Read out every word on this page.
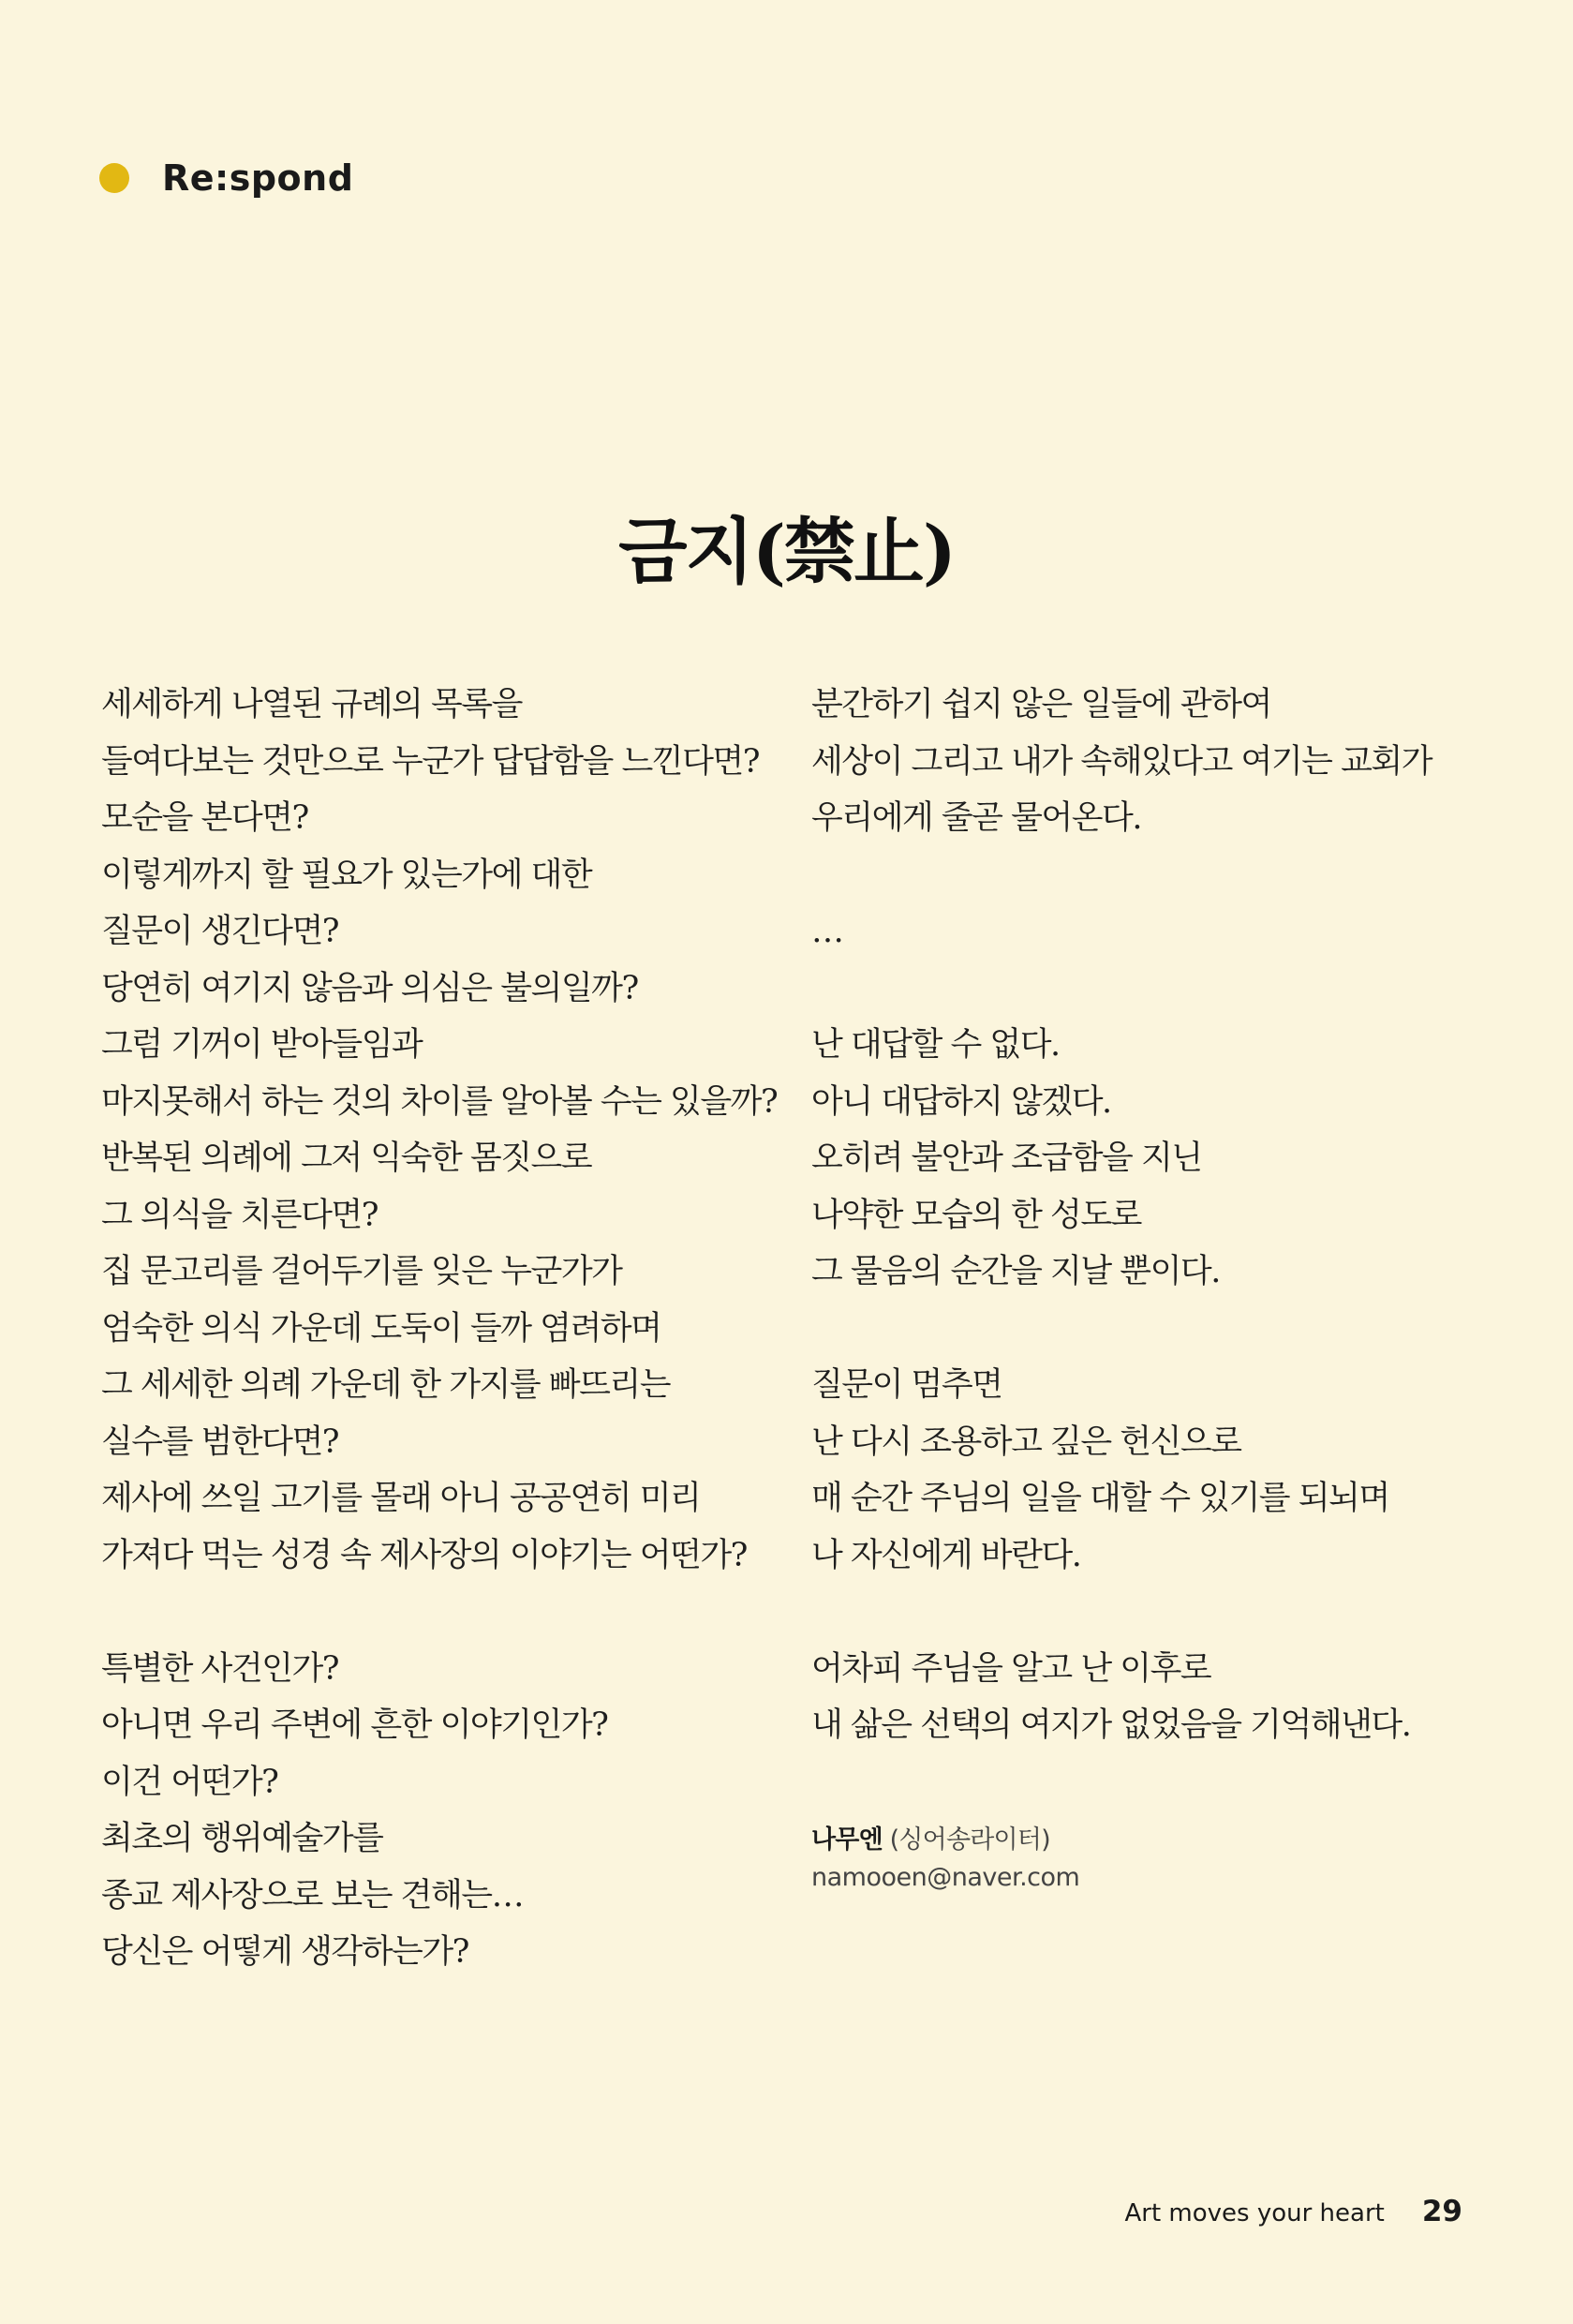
Re:spond
금지(禁止)
세세하게 나열된 규례의 목록을
들여다보는 것만으로 누군가 답답함을 느낀다면?
모순을 본다면?
이렇게까지 할 필요가 있는가에 대한
질문이 생긴다면?
당연히 여기지 않음과 의심은 불의일까?
그럼 기꺼이 받아들임과
마지못해서 하는 것의 차이를 알아볼 수는 있을까?
반복된 의례에 그저 익숙한 몸짓으로
그 의식을 치른다면?
집 문고리를 걸어두기를 잊은 누군가가
엄숙한 의식 가운데 도둑이 들까 염려하며
그 세세한 의례 가운데 한 가지를 빠뜨리는
실수를 범한다면?
제사에 쓰일 고기를 몰래 아니 공공연히 미리
가져다 먹는 성경 속 제사장의 이야기는 어떤가?
특별한 사건인가?
아니면 우리 주변에 흔한 이야기인가?
이건 어떤가?
최초의 행위예술가를
종교 제사장으로 보는 견해는…
당신은 어떻게 생각하는가?
분간하기 쉽지 않은 일들에 관하여
세상이 그리고 내가 속해있다고 여기는 교회가
우리에게 줄곧 물어온다.
…
난 대답할 수 없다.
아니 대답하지 않겠다.
오히려 불안과 조급함을 지닌
나약한 모습의 한 성도로
그 물음의 순간을 지날 뿐이다.
질문이 멈추면
난 다시 조용하고 깊은 헌신으로
매 순간 주님의 일을 대할 수 있기를 되뇌며
나 자신에게 바란다.
어차피 주님을 알고 난 이후로
내 삶은 선택의 여지가 없었음을 기억해낸다.
나무엔 (싱어송라이터)
namooen@naver.com
Art moves your heart 29
